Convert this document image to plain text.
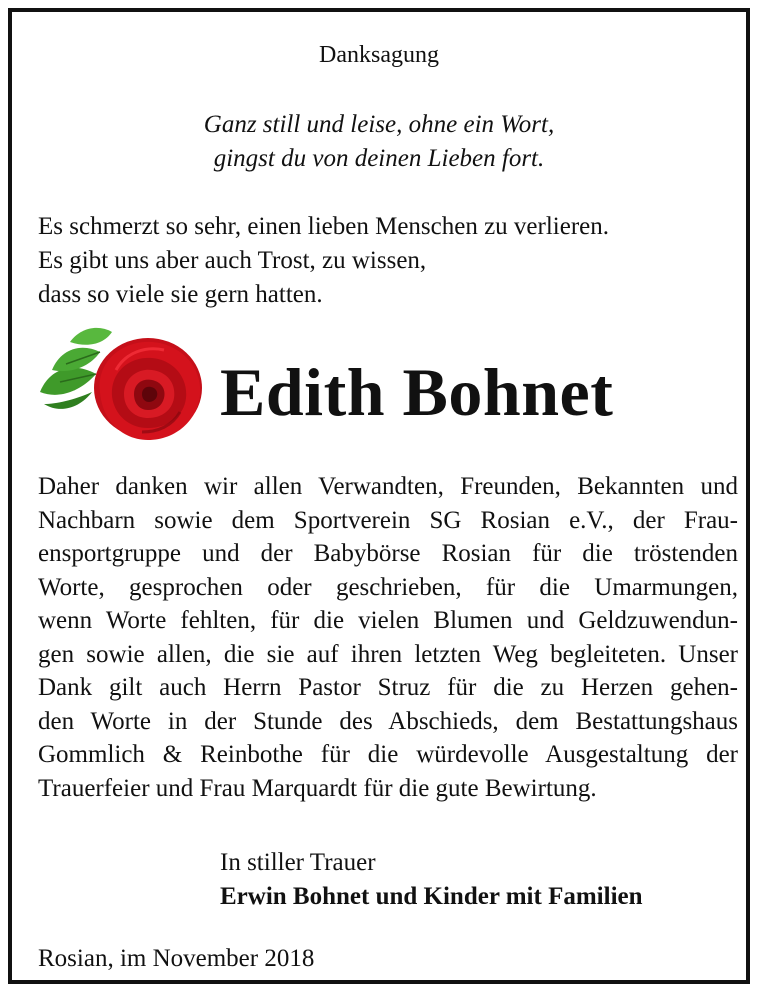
Danksagung
Ganz still und leise, ohne ein Wort,
gingst du von deinen Lieben fort.
Es schmerzt so sehr, einen lieben Menschen zu verlieren.
Es gibt uns aber auch Trost, zu wissen,
dass so viele sie gern hatten.
Edith Bohnet
Daher danken wir allen Verwandten, Freunden, Bekannten und
Nachbarn sowie dem Sportverein SG Rosian e.V., der Frau-
ensportgruppe und der Babybörse Rosian für die tröstenden
Worte, gesprochen oder geschrieben, für die Umarmungen,
wenn Worte fehlten, für die vielen Blumen und Geldzuwendun-
gen sowie allen, die sie auf ihren letzten Weg begleiteten. Unser
Dank gilt auch Herrn Pastor Struz für die zu Herzen gehen-
den Worte in der Stunde des Abschieds, dem Bestattungshaus
Gommlich & Reinbothe für die würdevolle Ausgestaltung der
Trauerfeier und Frau Marquardt für die gute Bewirtung.
In stiller Trauer
Erwin Bohnet und Kinder mit Familien
Rosian, im November 2018
